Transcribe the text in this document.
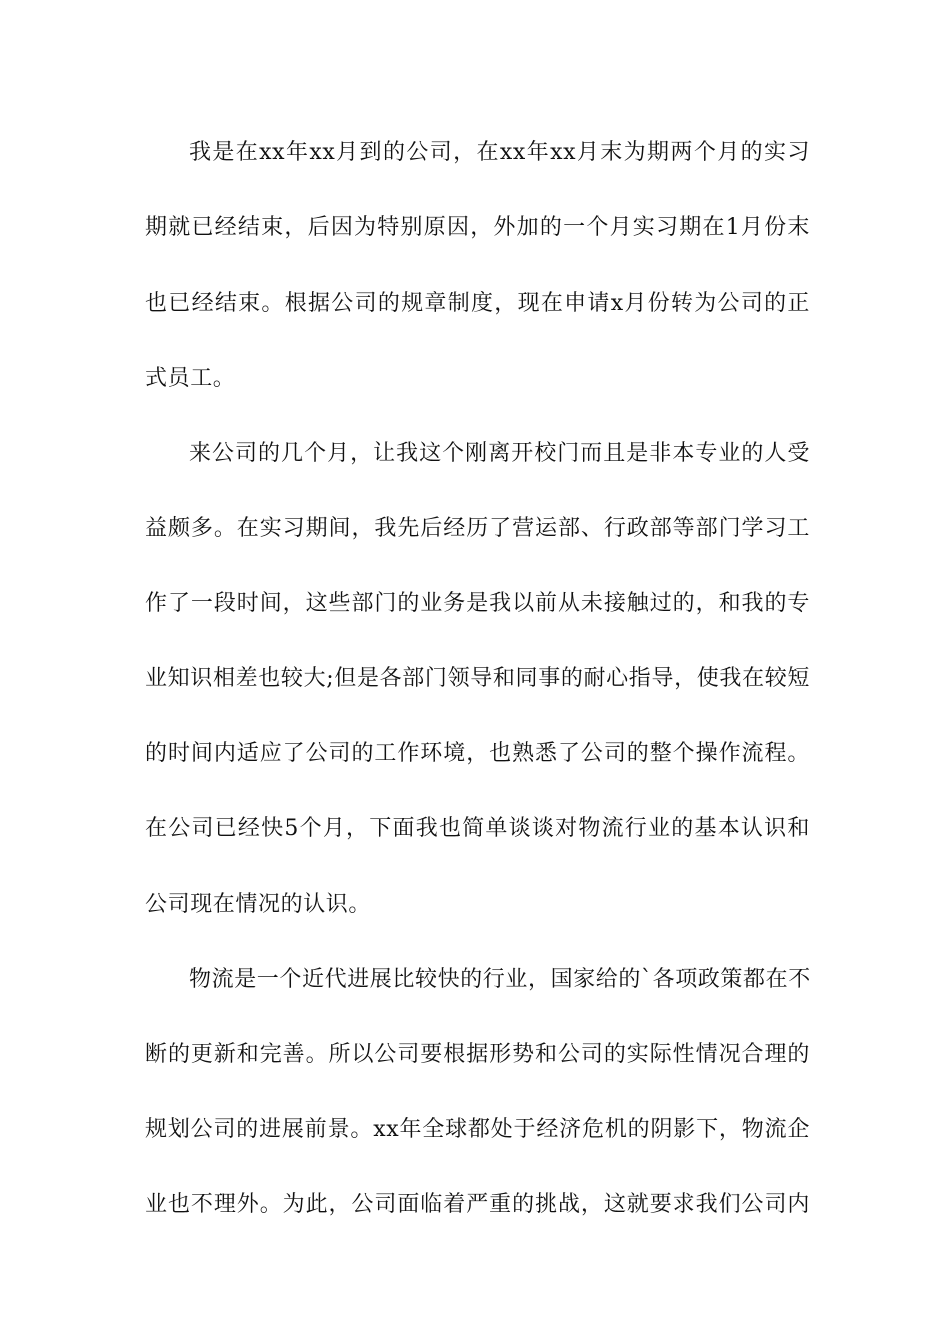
我是在xx年xx月到的公司，在xx年xx月末为期两个月的实习

期就已经结束，后因为特别原因，外加的一个月实习期在1月份末

也已经结束。根据公司的规章制度，现在申请x月份转为公司的正

式员工。

来公司的几个月，让我这个刚离开校门而且是非本专业的人受

益颇多。在实习期间，我先后经历了营运部、行政部等部门学习工

作了一段时间，这些部门的业务是我以前从未接触过的，和我的专

业知识相差也较大;但是各部门领导和同事的耐心指导，使我在较短

的时间内适应了公司的工作环境，也熟悉了公司的整个操作流程。

在公司已经快5个月，下面我也简单谈谈对物流行业的基本认识和

公司现在情况的认识。

物流是一个近代进展比较快的行业，国家给的`各项政策都在不

断的更新和完善。所以公司要根据形势和公司的实际性情况合理的

规划公司的进展前景。xx年全球都处于经济危机的阴影下，物流企

业也不理外。为此，公司面临着严重的挑战，这就要求我们公司内
